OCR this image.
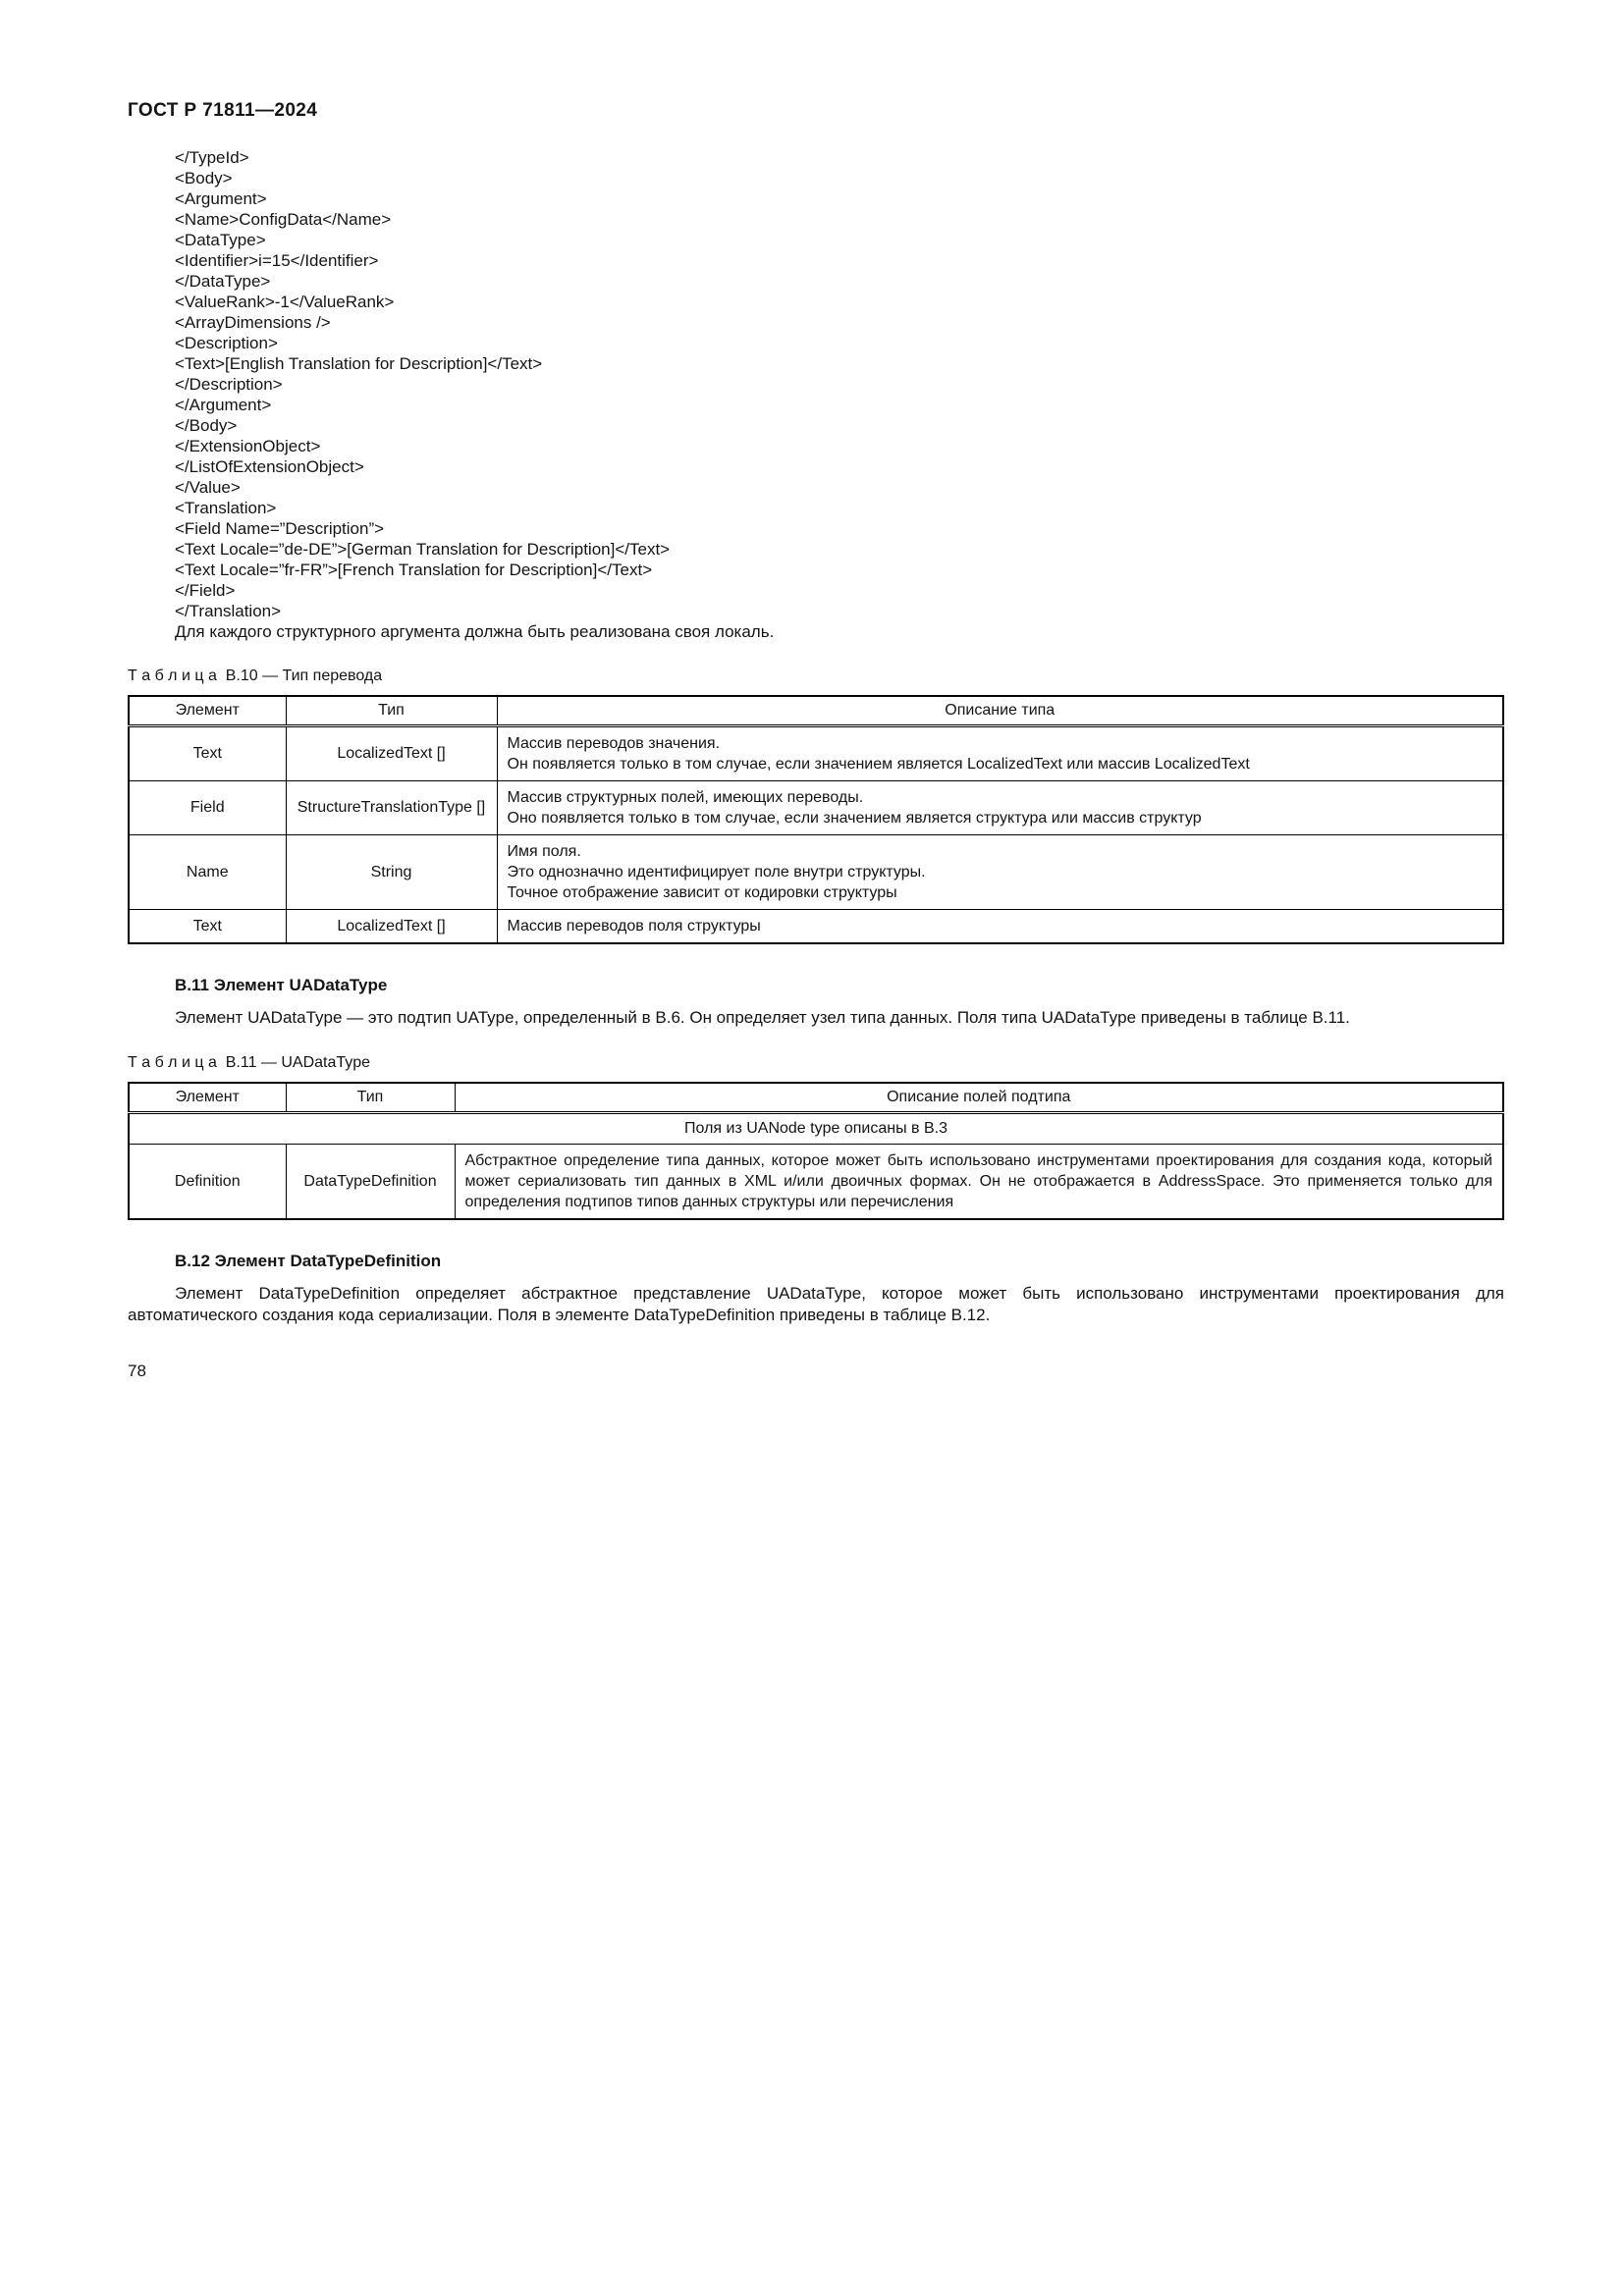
ГОСТ Р 71811—2024
</TypeId>
<Body>
<Argument>
<Name>ConfigData</Name>
<DataType>
<Identifier>i=15</Identifier>
</DataType>
<ValueRank>-1</ValueRank>
<ArrayDimensions />
<Description>
<Text>[English Translation for Description]</Text>
</Description>
</Argument>
</Body>
</ExtensionObject>
</ListOfExtensionObject>
</Value>
<Translation>
<Field Name=”Description”>
<Text Locale=”de-DE”>[German Translation for Description]</Text>
<Text Locale=”fr-FR”>[French Translation for Description]</Text>
</Field>
</Translation>

Для каждого структурного аргумента должна быть реализована своя локаль.

Т а б л и ц а  В.10 — Тип перевода

Элемент	Тип	Описание типа
Text	LocalizedText []	Массив переводов значения.
Он появляется только в том случае, если значением является LocalizedText или массив LocalizedText

Field	StructureTranslationType []	Массив структурных полей, имеющих переводы.
Оно появляется только в том случае, если значением является структура или массив структур

Name	String	Имя поля.
Это однозначно идентифицирует поле внутри структуры.
Точное отображение зависит от кодировки структуры

Text	LocalizedText []	Массив переводов поля структуры
В.11 Элемент UADataType

Элемент UADataType — это подтип UAType, определенный в В.6. Он определяет узел типа данных. Поля типа UADataType приведены в таблице В.11.

Т а б л и ц а  В.11 — UADataType

Элемент	Тип	Описание полей подтипа
Поля из UANode type описаны в В.3		
Definition	DataTypeDefinition	Абстрактное определение типа данных, которое может быть использовано инструментами проектирования для создания кода, который может сериализовать тип данных в XML и/или двоичных формах. Он не отображается в AddressSpace. Это применяется только для определения подтипов типов данных структуры или перечисления
В.12 Элемент DataTypeDefinition

Элемент DataTypeDefinition определяет абстрактное представление UADataType, которое может быть использовано инструментами проектирования для автоматического создания кода сериализации. Поля в элементе DataTypeDefinition приведены в таблице В.12.

78
